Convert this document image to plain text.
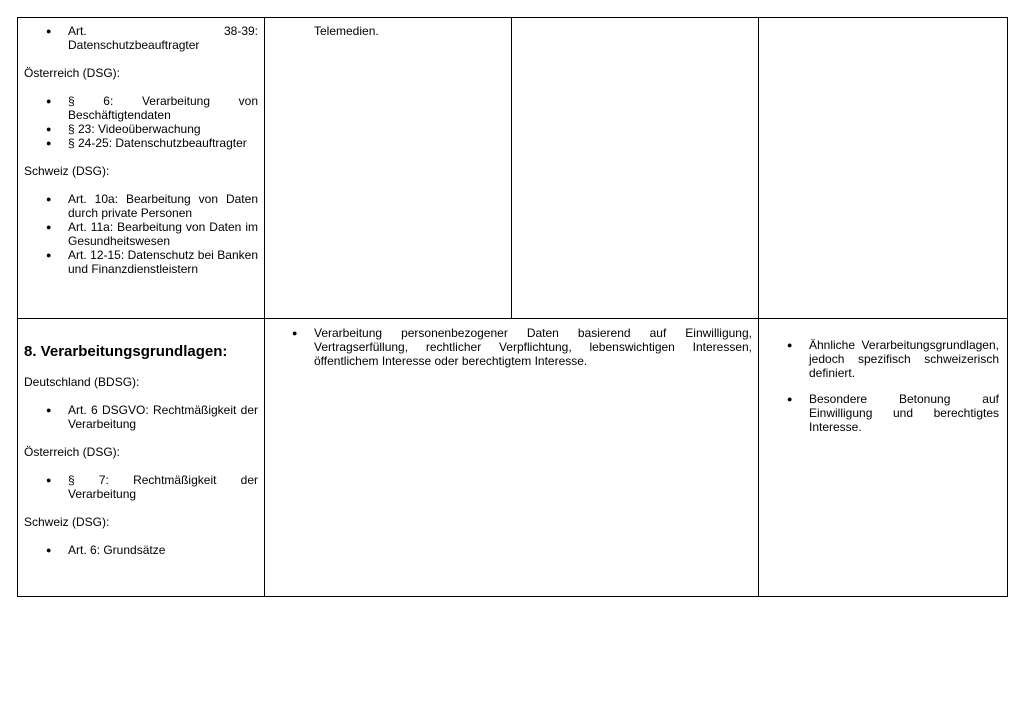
● Art. 38-39: Datenschutzbeauftragter

Österreich (DSG):

● § 6: Verarbeitung von Beschäftigtendaten
● § 23: Videoüberwachung
● § 24-25: Datenschutzbeauftragter

Schweiz (DSG):

● Art. 10a: Bearbeitung von Daten durch private Personen
● Art. 11a: Bearbeitung von Daten im Gesundheitswesen
● Art. 12-15: Datenschutz bei Banken und Finanzdienstleistern

Telemedien.

8. Verarbeitungsgrundlagen:

Deutschland (BDSG):

● Art. 6 DSGVO: Rechtmäßigkeit der Verarbeitung

Österreich (DSG):

● § 7: Rechtmäßigkeit der Verarbeitung

Schweiz (DSG):

● Art. 6: Grundsätze
● Verarbeitung personenbezogener Daten basierend auf Einwilligung, Vertragserfüllung, rechtlicher Verpflichtung, lebenswichtigen Interessen, öffentlichem Interesse oder berechtigtem Interesse.
● Ähnliche Verarbeitungsgrundlagen, jedoch spezifisch schweizerisch definiert.
● Besondere Betonung auf Einwilligung und berechtigtes Interesse.
